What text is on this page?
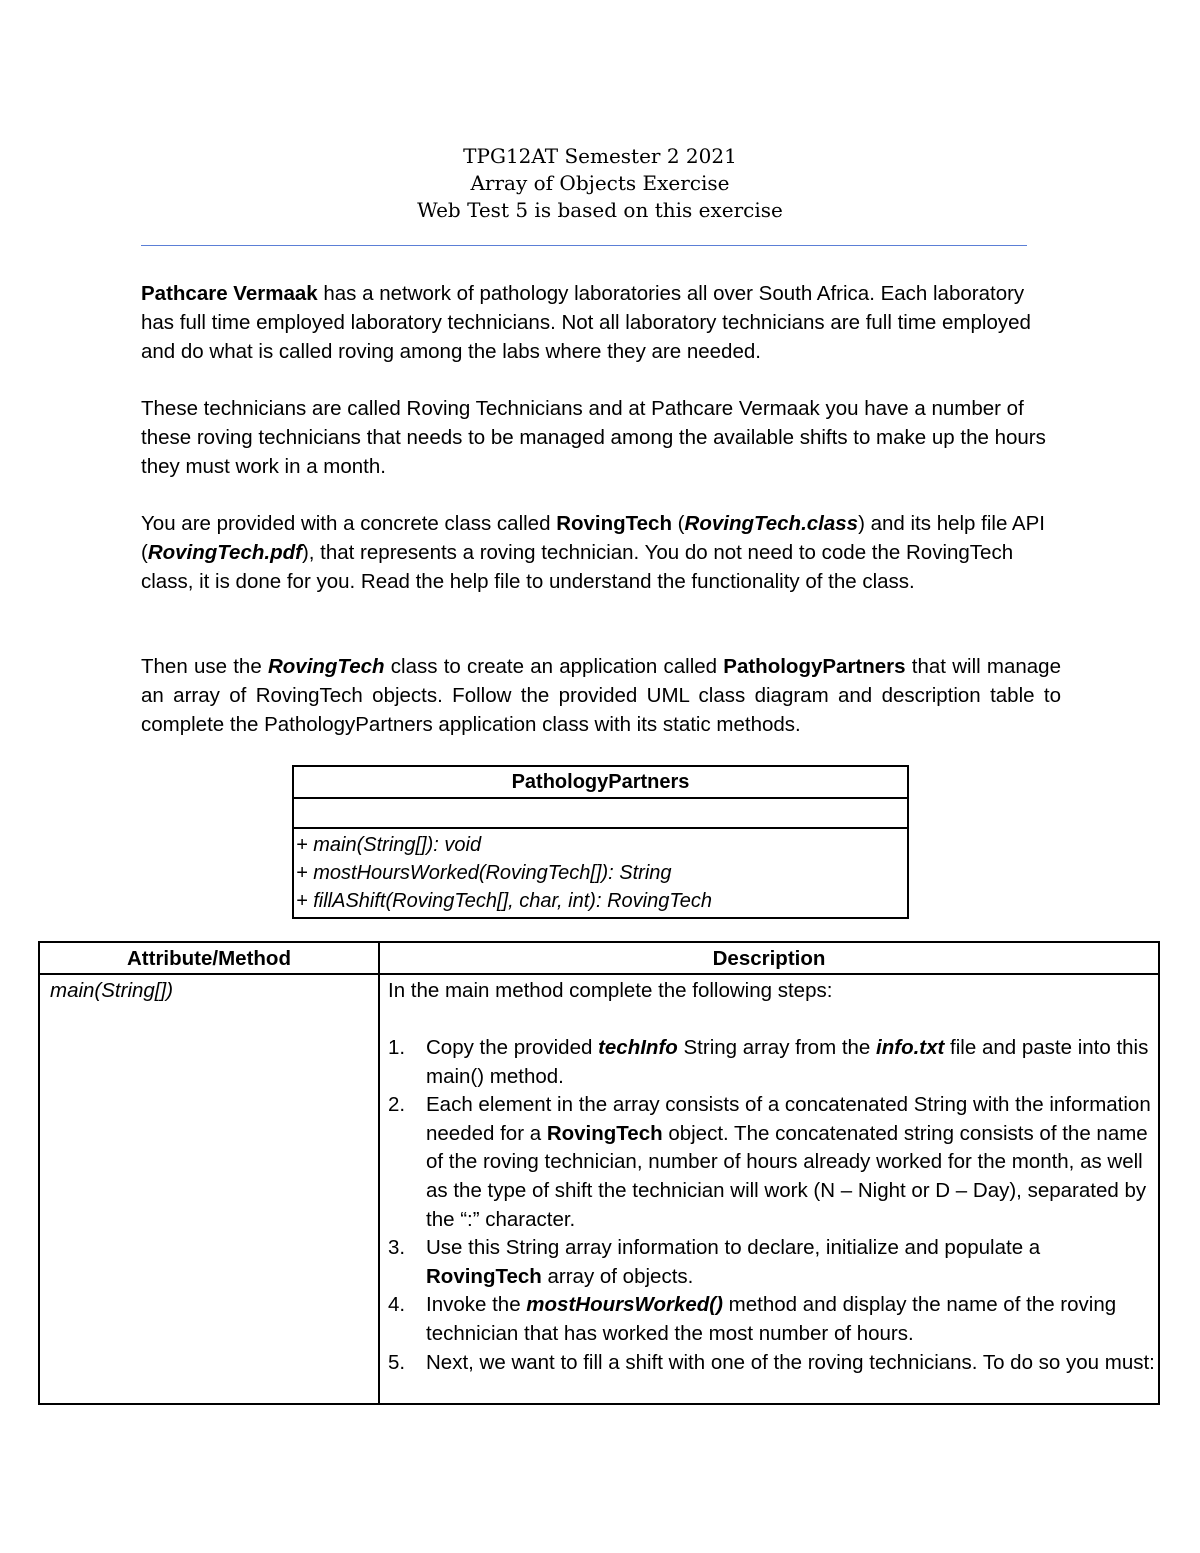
TPG12AT Semester 2 2021
Array of Objects Exercise
Web Test 5 is based on this exercise
Pathcare Vermaak has a network of pathology laboratories all over South Africa. Each laboratory has full time employed laboratory technicians. Not all laboratory technicians are full time employed and do what is called roving among the labs where they are needed.
These technicians are called Roving Technicians and at Pathcare Vermaak you have a number of these roving technicians that needs to be managed among the available shifts to make up the hours they must work in a month.
You are provided with a concrete class called RovingTech (RovingTech.class) and its help file API (RovingTech.pdf), that represents a roving technician. You do not need to code the RovingTech class, it is done for you. Read the help file to understand the functionality of the class.
Then use the RovingTech class to create an application called PathologyPartners that will manage an array of RovingTech objects. Follow the provided UML class diagram and description table to complete the PathologyPartners application class with its static methods.
PathologyPartners
+ main(String[]): void
+ mostHoursWorked(RovingTech[]): String
+ fillAShift(RovingTech[], char, int): RovingTech
Attribute/Method	Description
main(String[])	In the main method complete the following steps:
1. Copy the provided techInfo String array from the info.txt file and paste into this main() method.
2. Each element in the array consists of a concatenated String with the information needed for a RovingTech object. The concatenated string consists of the name of the roving technician, number of hours already worked for the month, as well as the type of shift the technician will work (N – Night or D – Day), separated by the “:” character.
3. Use this String array information to declare, initialize and populate a RovingTech array of objects.
4. Invoke the mostHoursWorked() method and display the name of the roving technician that has worked the most number of hours.
5. Next, we want to fill a shift with one of the roving technicians. To do so you must:
